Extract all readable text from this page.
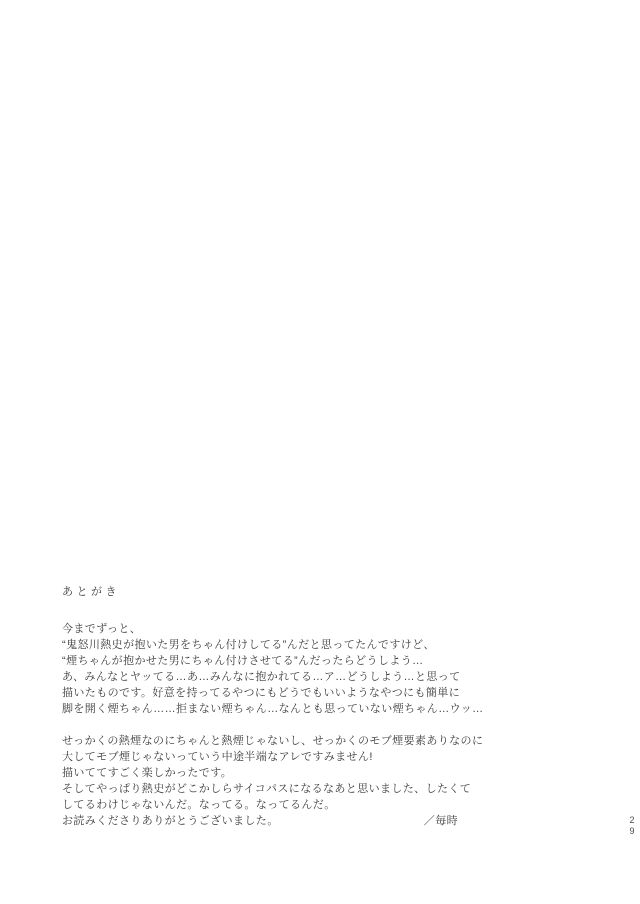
あとがき
今までずっと、
“鬼怒川熱史が抱いた男をちゃん付けしてる”んだと思ってたんですけど、
“煙ちゃんが抱かせた男にちゃん付けさせてる”んだったらどうしよう…
あ、みんなとヤッてる…あ…みんなに抱かれてる…ア…どうしよう…と思って
描いたものです。好意を持ってるやつにもどうでもいいようなやつにも簡単に
脚を開く煙ちゃん……拒まない煙ちゃん…なんとも思っていない煙ちゃん…ウッ…
せっかくの熱煙なのにちゃんと熱煙じゃないし、せっかくのモブ煙要素ありなのに
大してモブ煙じゃないっていう中途半端なアレですみません!
描いててすごく楽しかったです。
そしてやっぱり熱史がどこかしらサイコパスになるなあと思いました、したくて
してるわけじゃないんだ。なってる。なってるんだ。
お読みくださりありがとうございました。	／毎時	29
